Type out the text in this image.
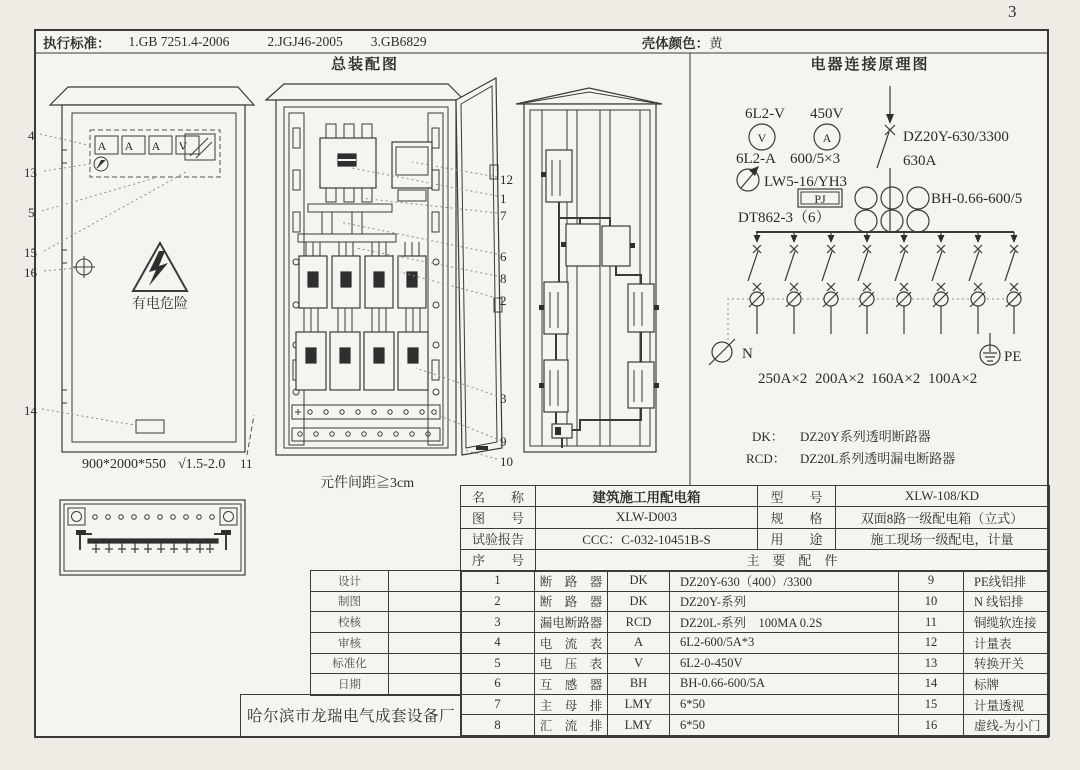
4
13
5
15
16
14
11
A A A V
有电危险
900*2000*550 √1.5-2.0
12
1
7
6
8
2
3
9
10
元件间距≧3cm
6L2-V 450V
V	A
6L2-A 600/5×3
LW5-16/YH3
PJ
DT862-3（6）
DZ20Y-630/3300
630A
BH-0.66-600/5
N	PE
250A×2 200A×2 160A×2 100A×2
DK： DZ20Y系列透明断路器
RCD： DZ20L系列透明漏电断路器
3
执行标准： 1.GB 7251.4-2006	2.JGJ46-2005 3.GB6829	壳体颜色： 黄
总装配图	电器连接原理图
名　　称	建筑施工用配电箱	型　　号	XLW-108/KD
图　　号	XLW-D003	规　　格	双面8路一级配电箱（立式）
试验报告	CCC：C-032-10451B-S	用　　途	施工现场一级配电，计量
序　　号	主　要　配　件
设计
制图
校核
审核
标准化
日期
哈尔滨市龙瑞电气成套设备厂
1	断　路　器	DK	DZ20Y-630（400）/3300	9	PE线铝排
2	断　路　器	DK	DZ20Y-系列	10	N 线铝排
3	漏电断路器	RCD	DZ20L-系列　100MA 0.2S	11	铜缆软连接
4	电　流　表	A	6L2-600/5A*3	12	计量表
5	电　压　表	V	6L2-0-450V	13	转换开关
6	互　感　器	BH	BH-0.66-600/5A	14	标牌
7	主　母　排	LMY	6*50	15	计量透视
8	汇　流　排	LMY	6*50	16	虚线-为小门
